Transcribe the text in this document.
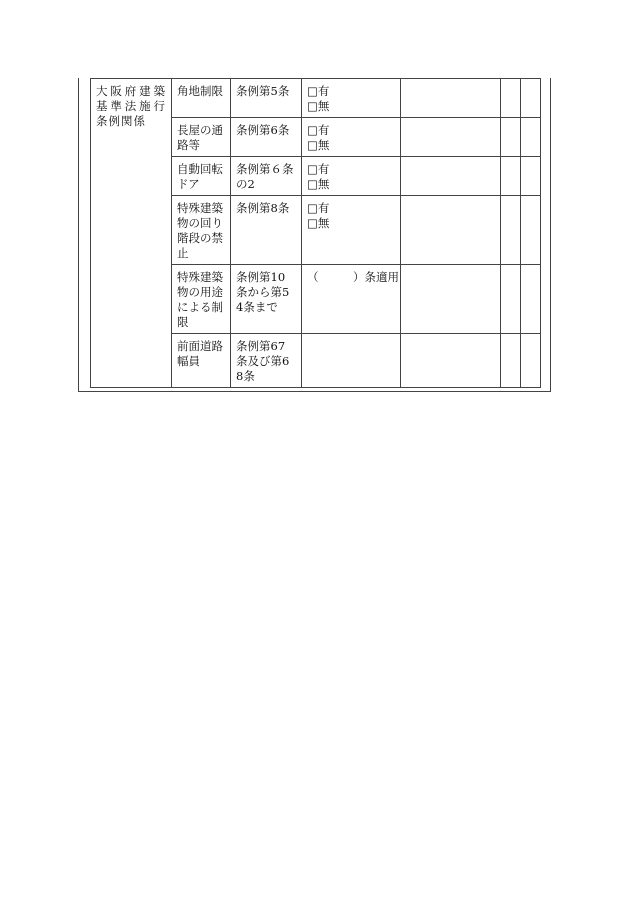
大阪府建築基準法施行条例関係	角地制限	条例第5条	□有
□無			

	長屋の通路等	条例第6条	□有
□無			

	自動回転ドア	条例第６条の2	□有
□無			

	特殊建築物の回り階段の禁止	条例第8条	□有
□無			

	特殊建築物の用途による制限	条例第10条から第54条まで	（　　　）条適用			
	前面道路幅員	条例第67条及び第68条				
